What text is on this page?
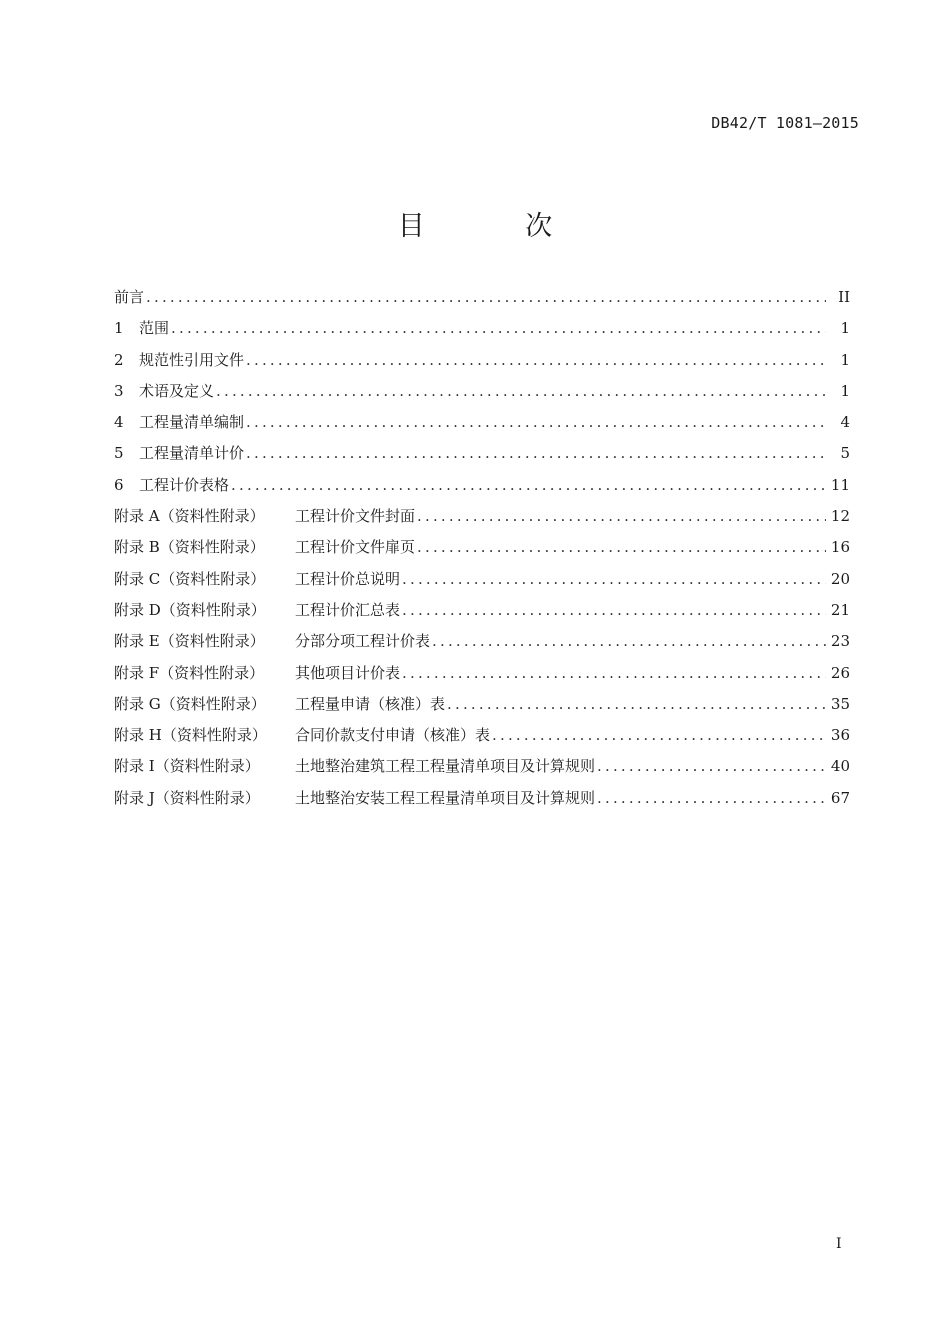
DB42/T 1081—2015
目 次
前言 .....	II
1 范围 .....	1
2 规范性引用文件 .....	1
3 术语及定义 .....	1
4 工程量清单编制 .....	4
5 工程量清单计价 .....	5
6 工程计价表格 .....	11
附录 A（资料性附录） 工程计价文件封面 .....	12
附录 B（资料性附录） 工程计价文件扉页 .....	16
附录 C（资料性附录） 工程计价总说明 .....	20
附录 D（资料性附录） 工程计价汇总表 .....	21
附录 E（资料性附录） 分部分项工程计价表 .....	23
附录 F（资料性附录） 其他项目计价表 .....	26
附录 G（资料性附录） 工程量申请（核准）表 .....	35
附录 H（资料性附录） 合同价款支付申请（核准）表 .....	36
附录 I（资料性附录） 土地整治建筑工程工程量清单项目及计算规则 .....	40
附录 J（资料性附录） 土地整治安装工程工程量清单项目及计算规则 .....	67
I
